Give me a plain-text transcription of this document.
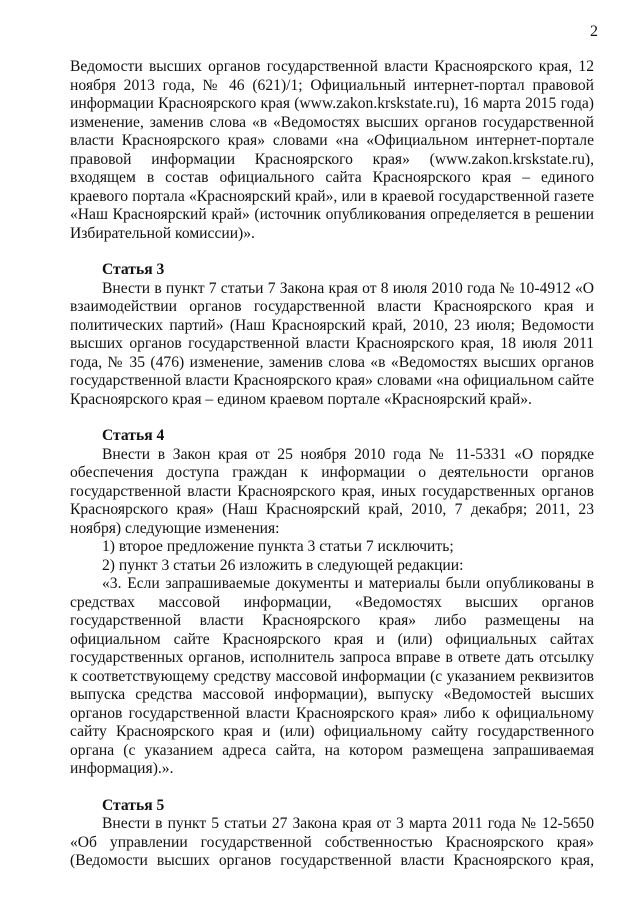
2

Ведомости высших органов государственной власти Красноярского края, 12 ноября 2013 года, № 46 (621)/1; Официальный интернет-портал правовой информации Красноярского края (www.zakon.krskstate.ru), 16 марта 2015 года) изменение, заменив слова «в «Ведомостях высших органов государственной власти Красноярского края» словами «на «Официальном интернет-портале правовой информации Красноярского края» (www.zakon.krskstate.ru), входящем в состав официального сайта Красноярского края – единого краевого портала «Красноярский край», или в краевой государственной газете «Наш Красноярский край» (источник опубликования определяется в решении Избирательной комиссии)».

Статья 3

Внести в пункт 7 статьи 7 Закона края от 8 июля 2010 года № 10-4912 «О взаимодействии органов государственной власти Красноярского края и политических партий» (Наш Красноярский край, 2010, 23 июля; Ведомости высших органов государственной власти Красноярского края, 18 июля 2011 года, № 35 (476) изменение, заменив слова «в «Ведомостях высших органов государственной власти Красноярского края» словами «на официальном сайте Красноярского края – едином краевом портале «Красноярский край».

Статья 4

Внести в Закон края от 25 ноября 2010 года № 11-5331 «О порядке обеспечения доступа граждан к информации о деятельности органов государственной власти Красноярского края, иных государственных органов Красноярского края» (Наш Красноярский край, 2010, 7 декабря; 2011, 23 ноября) следующие изменения:

1) второе предложение пункта 3 статьи 7 исключить;

2) пункт 3 статьи 26 изложить в следующей редакции:

«3. Если запрашиваемые документы и материалы были опубликованы в средствах массовой информации, «Ведомостях высших органов государственной власти Красноярского края» либо размещены на официальном сайте Красноярского края и (или) официальных сайтах государственных органов, исполнитель запроса вправе в ответе дать отсылку к соответствующему средству массовой информации (с указанием реквизитов выпуска средства массовой информации), выпуску «Ведомостей высших органов государственной власти Красноярского края» либо к официальному сайту Красноярского края и (или) официальному сайту государственного органа (с указанием адреса сайта, на котором размещена запрашиваемая информация).».

Статья 5

Внести в пункт 5 статьи 27 Закона края от 3 марта 2011 года № 12-5650 «Об управлении государственной собственностью Красноярского края» (Ведомости высших органов государственной власти Красноярского края,
